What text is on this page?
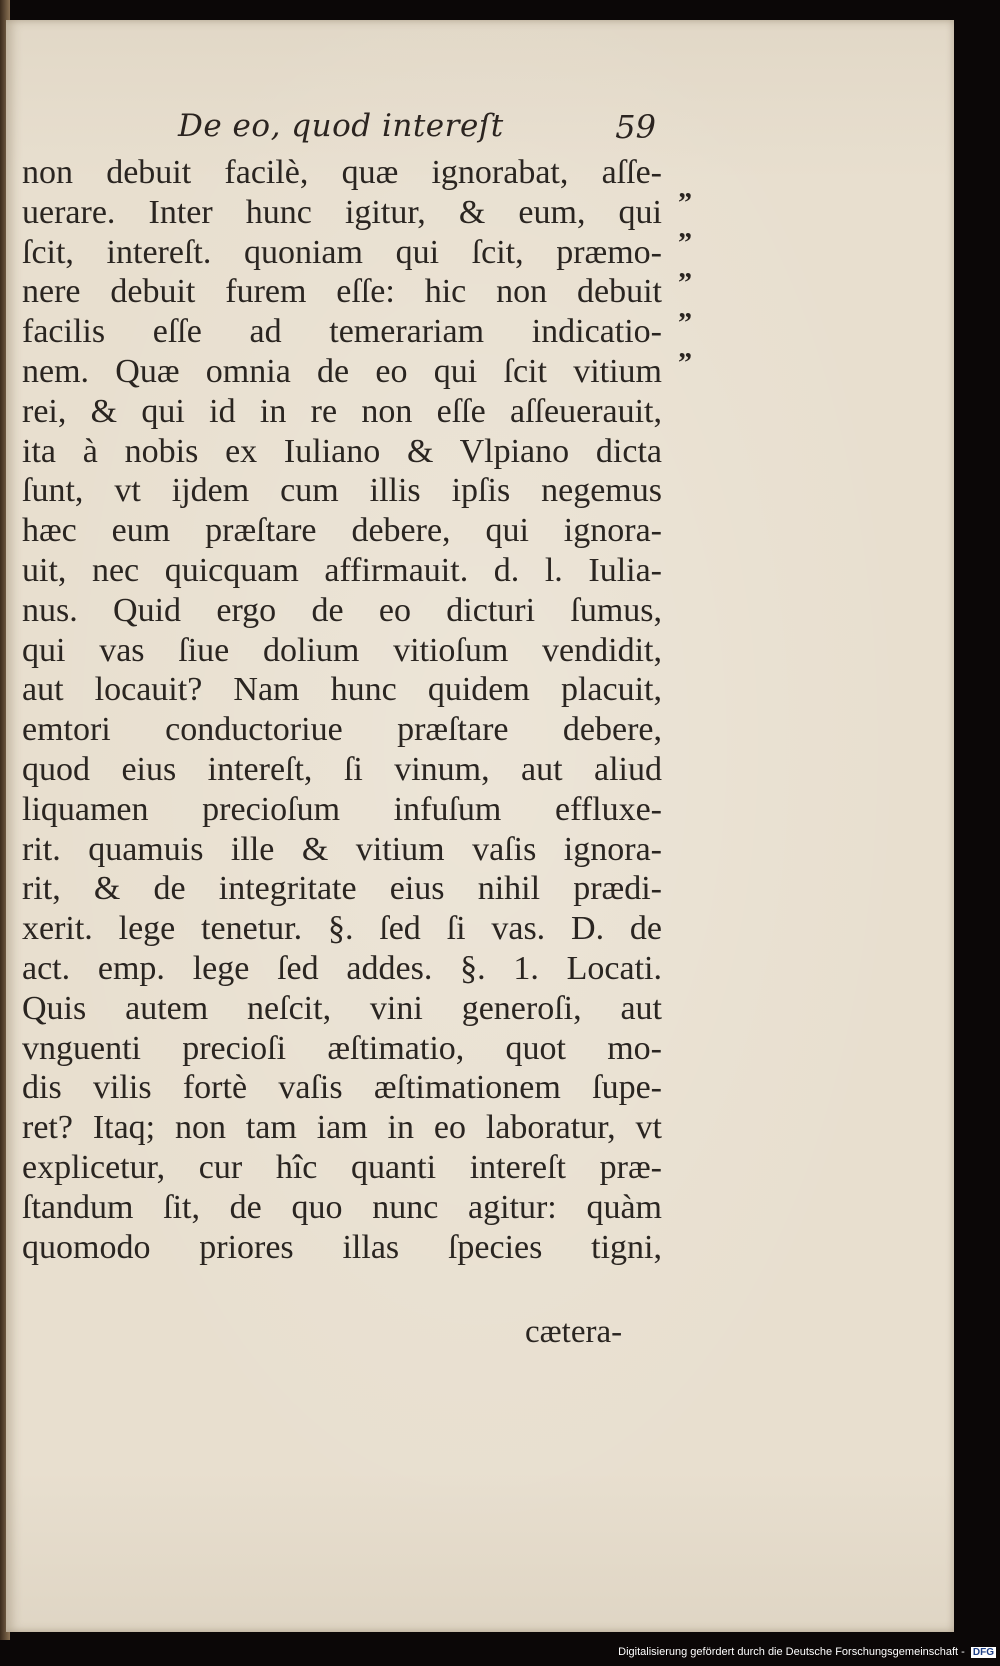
De eo, quod intereſt	59
”
”
”
”
”
non debuit facilè, quæ ignorabat, aſſe-
uerare. Inter hunc igitur, & eum, qui
ſcit, intereſt. quoniam qui ſcit, præmo-
nere debuit furem eſſe: hic non debuit
facilis eſſe ad temerariam indicatio-
nem. Quæ omnia de eo qui ſcit vitium
rei, & qui id in re non eſſe aſſeuerauit,
ita à nobis ex Iuliano & Vlpiano dicta
ſunt, vt ijdem cum illis ipſis negemus
hæc eum præſtare debere, qui ignora-
uit, nec quicquam affirmauit. d. l. Iulia-
nus. Quid ergo de eo dicturi ſumus,
qui vas ſiue dolium vitioſum vendidit,
aut locauit? Nam hunc quidem placuit,
emtori conductoriue præſtare debere,
quod eius intereſt, ſi vinum, aut aliud
liquamen precioſum infuſum effluxe-
rit. quamuis ille & vitium vaſis ignora-
rit, & de integritate eius nihil prædi-
xerit. lege tenetur. §. ſed ſi vas. D. de
act. emp. lege ſed addes. §. 1. Locati.
Quis autem neſcit, vini generoſi, aut
vnguenti precioſi æſtimatio, quot mo-
dis vilis fortè vaſis æſtimationem ſupe-
ret? Itaq; non tam iam in eo laboratur, vt
explicetur, cur hîc quanti intereſt præ-
ſtandum ſit, de quo nunc agitur: quàm
quomodo priores illas ſpecies tigni,
cætera-
Digitalisierung gefördert durch die Deutsche Forschungsgemeinschaft - DFG
